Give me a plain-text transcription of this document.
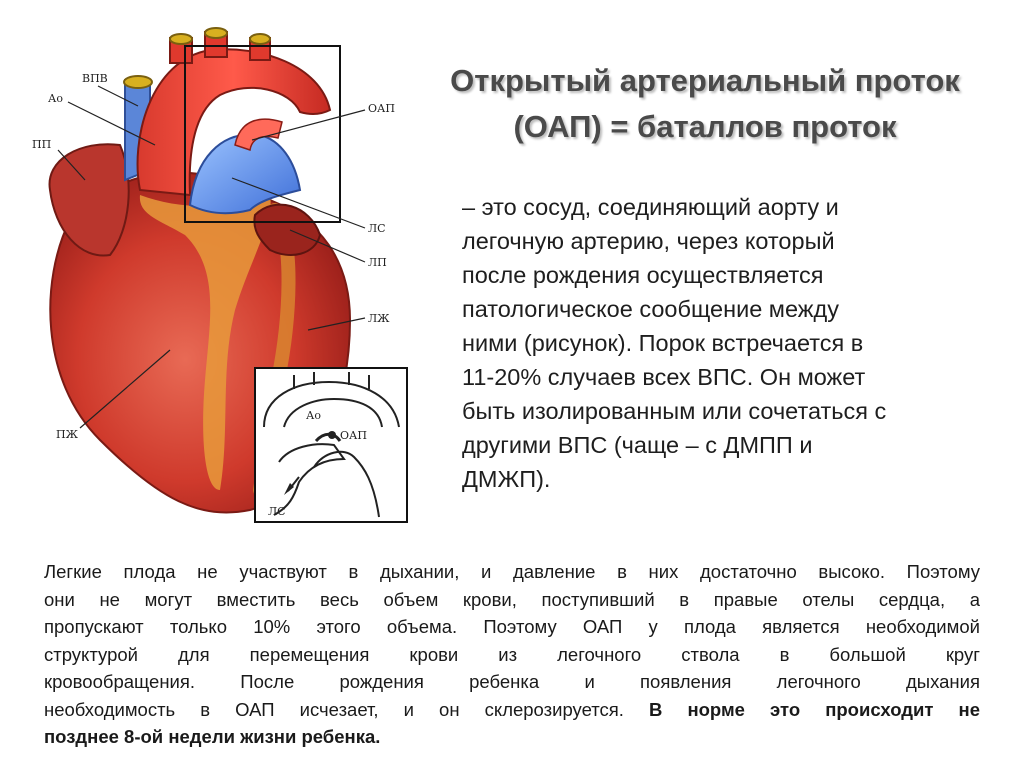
ВПВ
Ао
ПП
ОАП
ЛС
ЛП
ЛЖ
ПЖ
Ао
ОАП
ЛС
Открытый артериальный проток
(ОАП) = баталлов проток
– это сосуд, соединяющий аорту и
легочную артерию, через который
после рождения осуществляется
патологическое сообщение между
ними (рисунок). Порок встречается в
11-20% случаев всех ВПС. Он может
быть изолированным или сочетаться с
другими ВПС (чаще – с ДМПП и
ДМЖП).
Легкие плода не участвуют в дыхании, и давление в них достаточно высоко. Поэтому
они не могут вместить весь объем крови, поступивший в правые отелы сердца, а
пропускают только 10% этого объема. Поэтому ОАП у плода является необходимой
структурой для перемещения крови из легочного ствола в большой круг
кровообращения. После рождения ребенка и появления легочного дыхания
необходимость в ОАП исчезает, и он склерозируется. В норме это происходит не
позднее 8-ой недели жизни ребенка.
